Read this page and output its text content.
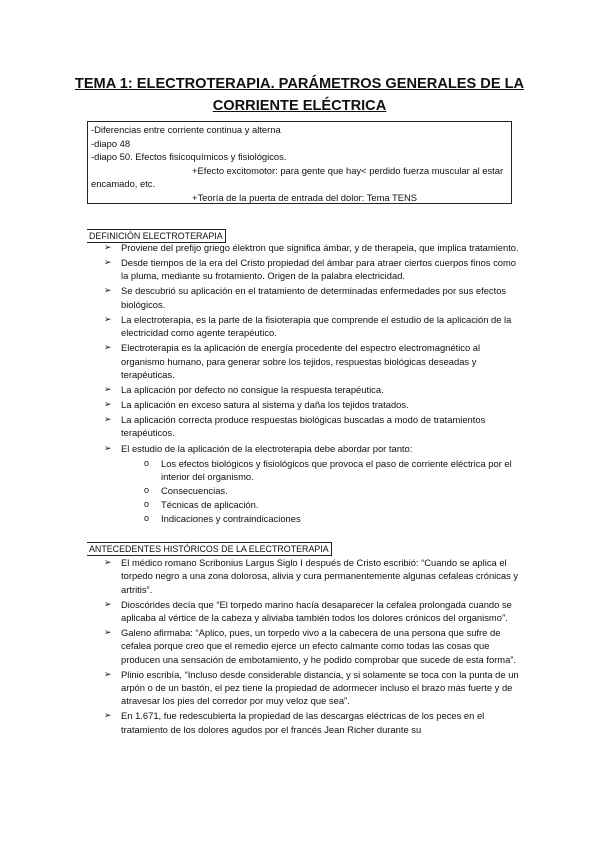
TEMA 1: ELECTROTERAPIA. PARÁMETROS GENERALES DE LA
CORRIENTE ELÉCTRICA
-Diferencias entre corriente continua y alterna
-diapo 48
-diapo 50. Efectos fisicoquímicos y fisiológicos.
+Efecto excitomotor: para gente que hay< perdido fuerza muscular al estar
encamado, etc.
+Teoría de la puerta de entrada del dolor: Tema TENS
DEFINICIÓN ELECTROTERAPIA
➢ Proviene del prefijo griego élektron que significa ámbar, y de therapeia, que implica tratamiento.
➢ Desde tiempos de la era del Cristo propiedad del ámbar para atraer ciertos cuerpos finos como la pluma, mediante su frotamiento. Origen de la palabra electricidad.
➢ Se descubrió su aplicación en el tratamiento de determinadas enfermedades por sus efectos biológicos.
➢ La electroterapia, es la parte de la fisioterapia que comprende el estudio de la aplicación de la electricidad como agente terapéutico.
➢ Electroterapia es la aplicación de energía procedente del espectro electromagnético al organismo humano, para generar sobre los tejidos, respuestas biológicas deseadas y terapéuticas.
➢ La aplicación por defecto no consigue la respuesta terapéutica.
➢ La aplicación en exceso satura al sistema y daña los tejidos tratados.
➢ La aplicación correcta produce respuestas biológicas buscadas a modo de tratamientos terapéuticos.
➢ El estudio de la aplicación de la electroterapia debe abordar por tanto:
o Los efectos biológicos y fisiológicos que provoca el paso de corriente eléctrica por el interior del organismo.
o Consecuencias.
o Técnicas de aplicación.
o Indicaciones y contraindicaciones
ANTECEDENTES HISTÓRICOS DE LA ELECTROTERAPIA
➢ El médico romano Scribonius Largus Siglo I después de Cristo escribió: “Cuando se aplica el torpedo negro a una zona dolorosa, alivia y cura permanentemente algunas cefaleas crónicas y artritis”.
➢ Dioscórides decía que “El torpedo marino hacía desaparecer la cefalea prolongada cuando se aplicaba al vértice de la cabeza y aliviaba también todos los dolores crónicos del organismo”.
➢ Galeno afirmaba: “Aplico, pues, un torpedo vivo a la cabecera de una persona que sufre de cefalea porque creo que el remedio ejerce un efecto calmante como todas las cosas que producen una sensación de embotamiento, y he podido comprobar que sucede de esta forma”.
➢ Plinio escribía, “Incluso desde considerable distancia, y si solamente se toca con la punta de un arpón o de un bastón, el pez tiene la propiedad de adormecer incluso el brazo más fuerte y de atravesar los pies del corredor por muy veloz que sea”.
➢ En 1.671, fue redescubierta la propiedad de las descargas eléctricas de los peces en el tratamiento de los dolores agudos por el francés Jean Richer durante su
